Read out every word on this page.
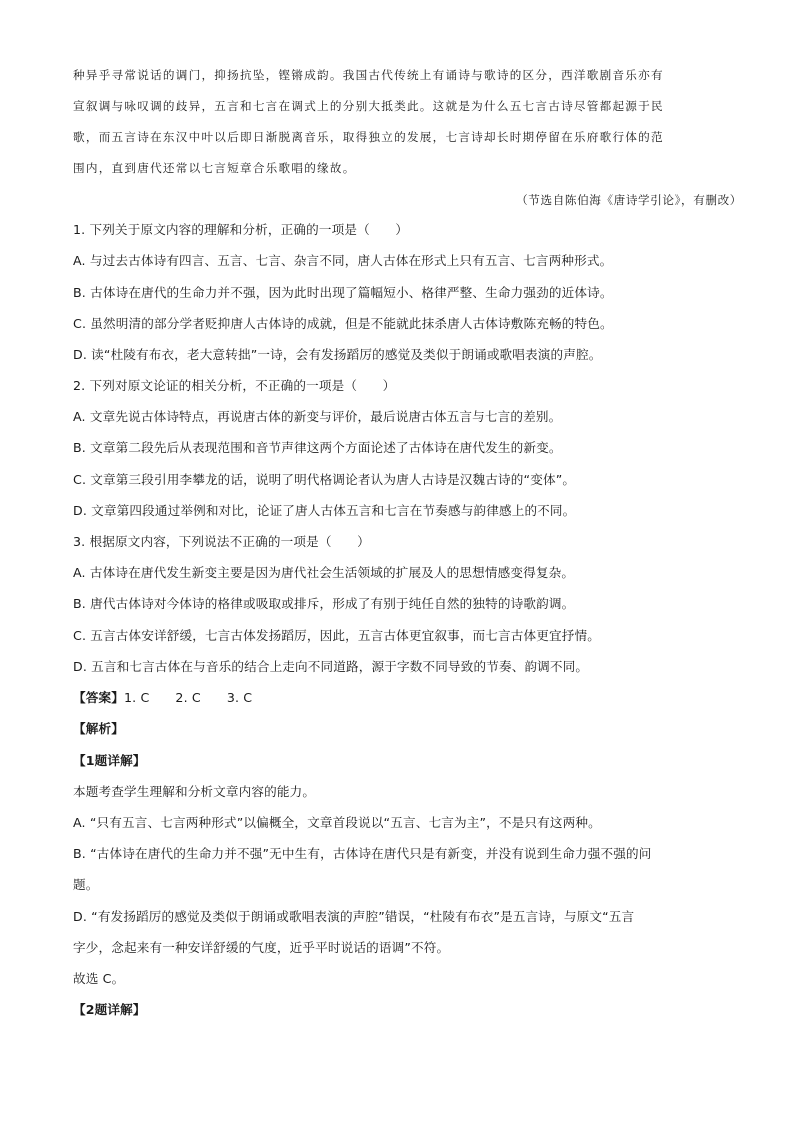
种异乎寻常说话的调门，抑扬抗坠，铿锵成韵。我国古代传统上有诵诗与歌诗的区分，西洋歌剧音乐亦有
宣叙调与咏叹调的歧异，五言和七言在调式上的分别大抵类此。这就是为什么五七言古诗尽管都起源于民
歌，而五言诗在东汉中叶以后即日渐脱离音乐，取得独立的发展，七言诗却长时期停留在乐府歌行体的范
围内，直到唐代还常以七言短章合乐歌唱的缘故。
（节选自陈伯海《唐诗学引论》，有删改）
1. 下列关于原文内容的理解和分析，正确的一项是（　　）
A. 与过去古体诗有四言、五言、七言、杂言不同，唐人古体在形式上只有五言、七言两种形式。
B. 古体诗在唐代的生命力并不强，因为此时出现了篇幅短小、格律严整、生命力强劲的近体诗。
C. 虽然明清的部分学者贬抑唐人古体诗的成就，但是不能就此抹杀唐人古体诗敷陈充畅的特色。
D. 读“杜陵有布衣，老大意转拙”一诗，会有发扬蹈厉的感觉及类似于朗诵或歌唱表演的声腔。
2. 下列对原文论证的相关分析，不正确的一项是（　　）
A. 文章先说古体诗特点，再说唐古体的新变与评价，最后说唐古体五言与七言的差别。
B. 文章第二段先后从表现范围和音节声律这两个方面论述了古体诗在唐代发生的新变。
C. 文章第三段引用李攀龙的话，说明了明代格调论者认为唐人古诗是汉魏古诗的“变体”。
D. 文章第四段通过举例和对比，论证了唐人古体五言和七言在节奏感与韵律感上的不同。
3. 根据原文内容，下列说法不正确的一项是（　　）
A. 古体诗在唐代发生新变主要是因为唐代社会生活领域的扩展及人的思想情感变得复杂。
B. 唐代古体诗对今体诗的格律或吸取或排斥，形成了有别于纯任自然的独特的诗歌韵调。
C. 五言古体安详舒缓，七言古体发扬蹈厉，因此，五言古体更宜叙事，而七言古体更宜抒情。
D. 五言和七言古体在与音乐的结合上走向不同道路，源于字数不同导致的节奏、韵调不同。
【答案】1. C 2. C 3. C
【解析】
【1题详解】
本题考查学生理解和分析文章内容的能力。
A. “只有五言、七言两种形式”以偏概全，文章首段说以“五言、七言为主”，不是只有这两种。
B. “古体诗在唐代的生命力并不强”无中生有，古体诗在唐代只是有新变，并没有说到生命力强不强的问
题。
D. “有发扬蹈厉的感觉及类似于朗诵或歌唱表演的声腔”错误，“杜陵有布衣”是五言诗，与原文“五言
字少，念起来有一种安详舒缓的气度，近乎平时说话的语调”不符。
故选 C。
【2题详解】
